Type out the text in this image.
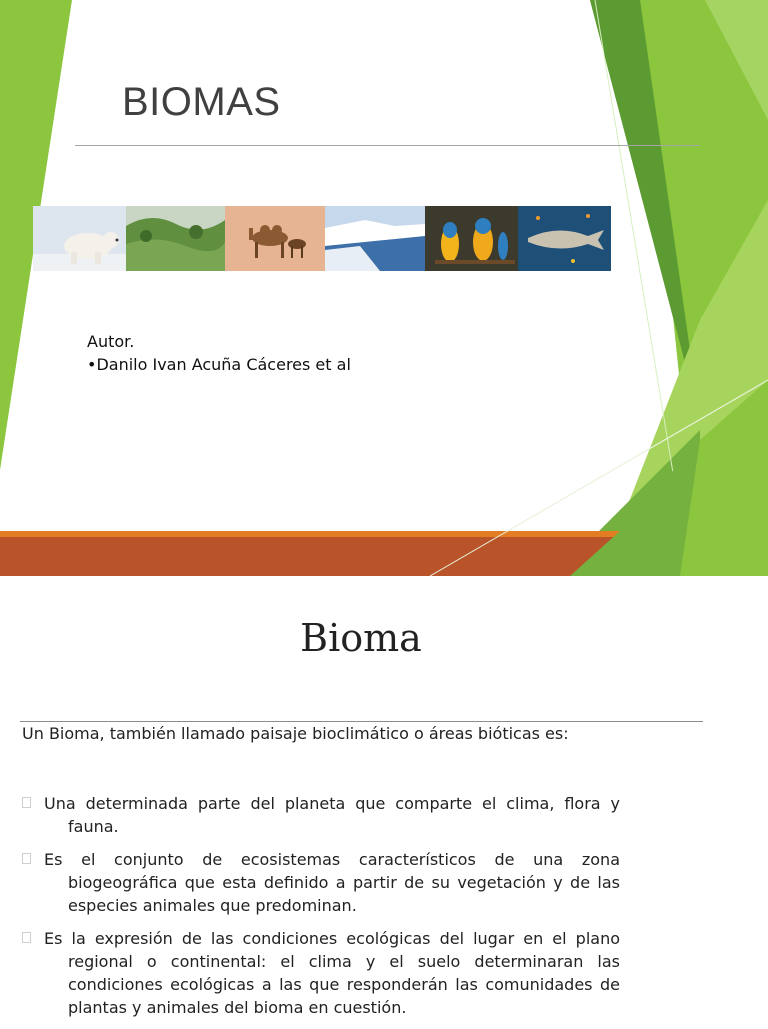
BIOMAS
Autor.
•Danilo Ivan Acuña Cáceres et al
Bioma
Un Bioma, también llamado paisaje bioclimático o áreas bióticas es:
Una determinada parte del planeta que comparte el clima, flora y fauna.
Es el conjunto de ecosistemas característicos de una zona biogeográfica que esta definido a partir de su vegetación y de las especies animales que predominan.
Es la expresión de las condiciones ecológicas del lugar en el plano regional o continental: el clima y el suelo determinaran las condiciones ecológicas a las que responderán las comunidades de plantas y animales del bioma en cuestión.
